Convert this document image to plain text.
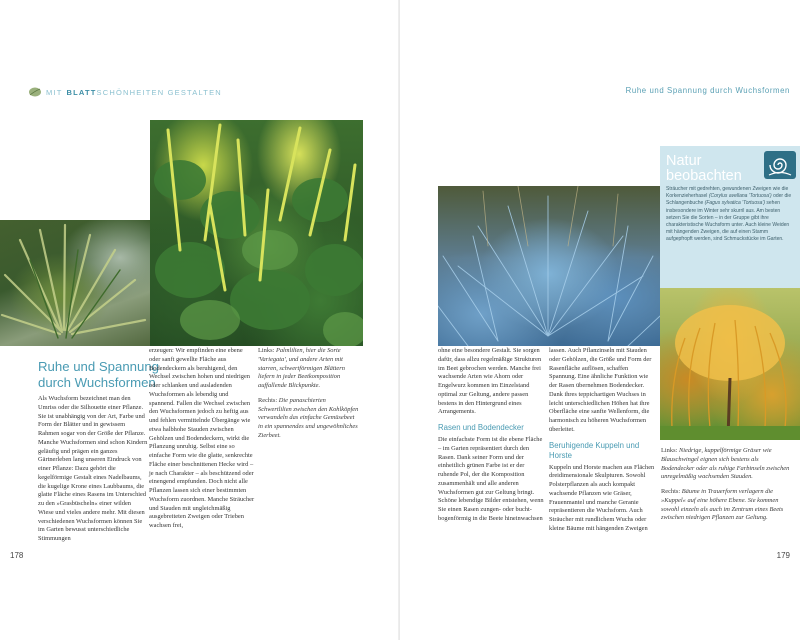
MIT BLATT SCHÖNHEITEN GESTALTEN
Ruhe und Spannung
durch Wuchsformen

Als Wuchsform bezeichnet man den Umriss oder die Silhouette einer Pflanze. Sie ist unabhängig von der Art, Farbe und Form der Blätter und in gewissem Rahmen sogar von der Größe der Pflanze. Manche Wuchsformen sind schon Kindern geläufig und prägen ein ganzes Gärtnerleben lang unseren Eindruck von einer Pflanze: Dazu gehört die kegelförmige Gestalt eines Nadelbaums, die kugelige Krone eines Laubbaums, die glatte Fläche eines Rasens im Unterschied zu den »Grasbüscheln« einer wilden Wiese und vieles andere mehr. Mit diesen verschiedenen Wuchsformen können Sie im Garten bewusst unterschiedliche Stimmungen

erzeugen: Wir empfinden eine ebene oder sanft gewellte Fläche aus Bodendeckern als beruhigend, den Wechsel zwischen hohen und niedrigen oder schlanken und ausladenden Wuchsformen als lebendig und spannend. Fallen die Wechsel zwischen den Wuchsformen jedoch zu heftig aus und fehlen vermittelnde Übergänge wie etwa halbhohe Stauden zwischen Gehölzen und Bodendeckern, wirkt die Pflanzung unruhig. Selbst eine so einfache Form wie die glatte, senkrechte Fläche einer beschnittenen Hecke wird – je nach Charakter – als beschützend oder einengend empfunden. Doch nicht alle Pflanzen lassen sich einer bestimmten Wuchsform zuordnen. Manche Sträucher und Stauden mit ungleichmäßig ausgebreiteten Zweigen oder Trieben wachsen frei,

Links: Palmlilien, hier die Sorte 'Variegata', und andere Arten mit starren, schwertförmigen Blättern liefern in jeder Beetkomposition auffallende Blickpunkte.

Rechts: Die panaschierten Schwertlilien zwischen den Kohlköpfen verwandeln das einfache Gemüsebeet in ein spannendes und ungewöhnliches Zierbeet.

178
Ruhe und Spannung durch Wuchsformen
Natur
beobachten
Sträucher mit gedrehten, gewundenen Zweigen wie die Korkenzieherhasel (Corylus avellana 'Tortuosa') oder die Schlangenbuche (Fagus sylvatica 'Tortuosa') sehen insbesondere im Winter sehr skurril aus. Am besten setzen Sie die Sorten – in der Gruppe gibt ihre charakteristische Wuchsform unter. Auch kleine Weiden mit hängenden Zweigen, die auf einen Stamm aufgepfropft werden, sind Schmuckstücke im Garten.

ohne eine besondere Gestalt. Sie sorgen dafür, dass allzu regelmäßige Strukturen im Beet gebrochen werden. Manche frei wachsende Arten wie Ahorn oder Engelwurz kommen im Einzelstand optimal zur Geltung, andere passen bestens in den Hintergrund eines Arrangements.

Rasen und Bodendecker

Die einfachste Form ist die ebene Fläche – im Garten repräsentiert durch den Rasen. Dank seiner Form und der einheitlich grünen Farbe ist er der ruhende Pol, der die Komposition zusammenhält und alle anderen Wuchsformen gut zur Geltung bringt. Schöne lebendige Bilder entstehen, wenn Sie einen Rasen zungen- oder bucht-bogenförmig in die Beete hineinwachsen

lassen. Auch Pflanzinseln mit Stauden oder Gehölzen, die Größe und Form der Rasenfläche auflösen, schaffen Spannung. Eine ähnliche Funktion wie der Rasen übernehmen Bodendecker. Dank ihres teppichartigen Wuchses in leicht unterschiedlichen Höhen hat ihre Oberfläche eine sanfte Wellenform, die harmonisch zu höheren Wuchsformen überleitet.

Beruhigende Kuppeln und Horste

Kuppeln und Horste machen aus Flächen dreidimensionale Skulpturen. Sowohl Polsterpflanzen als auch kompakt wachsende Pflanzen wie Gräser, Frauenmantel und manche Geranie repräsentieren die Wuchsform. Auch Sträucher mit rundlichem Wuchs oder kleine Bäume mit hängenden Zweigen

Links: Niedrige, kuppelförmige Gräser wie Blauschwingel eignen sich bestens als Bodendecker oder als ruhige Farbinseln zwischen unregelmäßig wachsenden Stauden.

Rechts: Bäume in Trauerform verlagern die »Kuppel« auf eine höhere Ebene. Sie kommen sowohl einzeln als auch im Zentrum eines Beets zwischen niedrigen Pflanzen zur Geltung.

179
